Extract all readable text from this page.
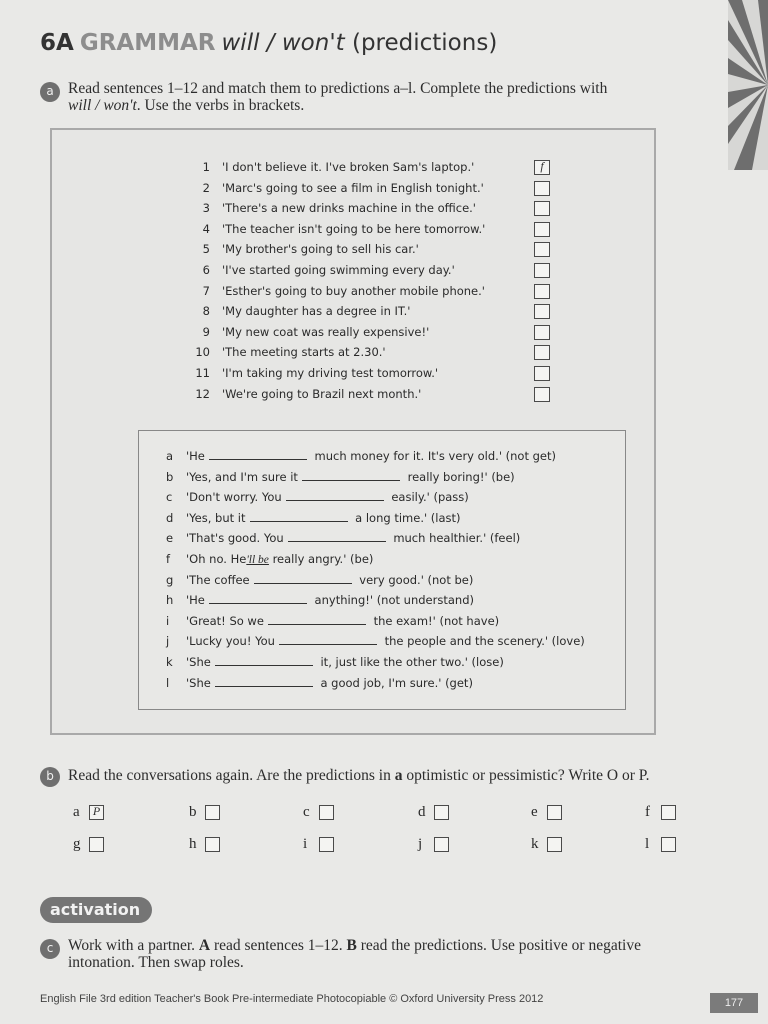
6A GRAMMAR will / won't (predictions)
a Read sentences 1–12 and match them to predictions a–l. Complete the predictions with
will / won't. Use the verbs in brackets.
1 'I don't believe it. I've broken Sam's laptop.'	f
2 'Marc's going to see a film in English tonight.'
3 'There's a new drinks machine in the office.'
4 'The teacher isn't going to be here tomorrow.'
5 'My brother's going to sell his car.'
6 'I've started going swimming every day.'
7 'Esther's going to buy another mobile phone.'
8 'My daughter has a degree in IT.'
9 'My new coat was really expensive!'
10 'The meeting starts at 2.30.'
11 'I'm taking my driving test tomorrow.'
12 'We're going to Brazil next month.'
a 'He	much money for it. It's very old.' (not get)
b 'Yes, and I'm sure it	really boring!' (be)
c 'Don't worry. You	easily.' (pass)
d 'Yes, but it	a long time.' (last)
e 'That's good. You	much healthier.' (feel)
f 'Oh no. He'll be really angry.' (be)
g 'The coffee	very good.' (not be)
h 'He	anything!' (not understand)
i 'Great! So we	the exam!' (not have)
j 'Lucky you! You	the people and the scenery.' (love)
k 'She	it, just like the other two.' (lose)
l 'She	a good job, I'm sure.' (get)
b Read the conversations again. Are the predictions in a optimistic or pessimistic? Write O or P.
a P	b	c	d	e	f
g	h	i	j	k	l
activation
c Work with a partner. A read sentences 1–12. B read the predictions. Use positive or negative
intonation. Then swap roles.
English File 3rd edition Teacher's Book Pre-intermediate Photocopiable © Oxford University Press 2012	177
